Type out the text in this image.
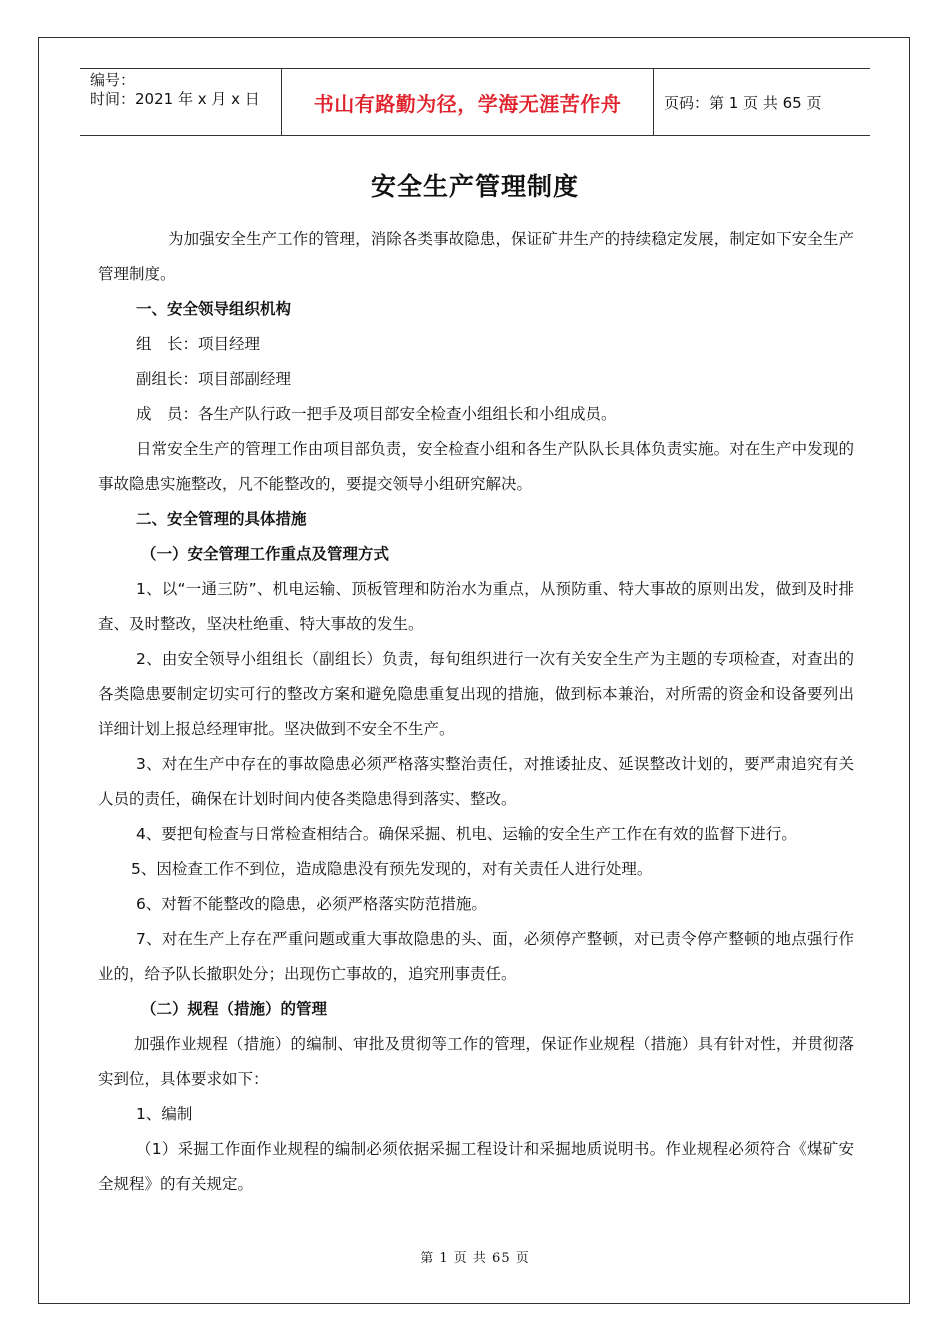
编号：
时间：2021 年 x 月 x 日	书山有路勤为径，学海无涯苦作舟	页码：第 1 页 共 65 页
安全生产管理制度

为加强安全生产工作的管理，消除各类事故隐患，保证矿井生产的持续稳定发展，制定如下安全生产管理制度。

一、安全领导组织机构

组　长：项目经理

副组长：项目部副经理

成　员：各生产队行政一把手及项目部安全检查小组组长和小组成员。

日常安全生产的管理工作由项目部负责，安全检查小组和各生产队队长具体负责实施。对在生产中发现的事故隐患实施整改，凡不能整改的，要提交领导小组研究解决。

二、安全管理的具体措施

（一）安全管理工作重点及管理方式

1、以“一通三防”、机电运输、顶板管理和防治水为重点，从预防重、特大事故的原则出发，做到及时排查、及时整改，坚决杜绝重、特大事故的发生。

2、由安全领导小组组长（副组长）负责，每旬组织进行一次有关安全生产为主题的专项检查，对查出的各类隐患要制定切实可行的整改方案和避免隐患重复出现的措施，做到标本兼治，对所需的资金和设备要列出详细计划上报总经理审批。坚决做到不安全不生产。

3、对在生产中存在的事故隐患必须严格落实整治责任，对推诿扯皮、延误整改计划的，要严肃追究有关人员的责任，确保在计划时间内使各类隐患得到落实、整改。

4、要把旬检查与日常检查相结合。确保采掘、机电、运输的安全生产工作在有效的监督下进行。

5、因检查工作不到位，造成隐患没有预先发现的，对有关责任人进行处理。

6、对暂不能整改的隐患，必须严格落实防范措施。

7、对在生产上存在严重问题或重大事故隐患的头、面，必须停产整顿，对已责令停产整顿的地点强行作业的，给予队长撤职处分；出现伤亡事故的，追究刑事责任。

（二）规程（措施）的管理

加强作业规程（措施）的编制、审批及贯彻等工作的管理，保证作业规程（措施）具有针对性，并贯彻落实到位，具体要求如下：

1、编制

（1）采掘工作面作业规程的编制必须依据采掘工程设计和采掘地质说明书。作业规程必须符合《煤矿安全规程》的有关规定。

第 1 页 共 65 页
